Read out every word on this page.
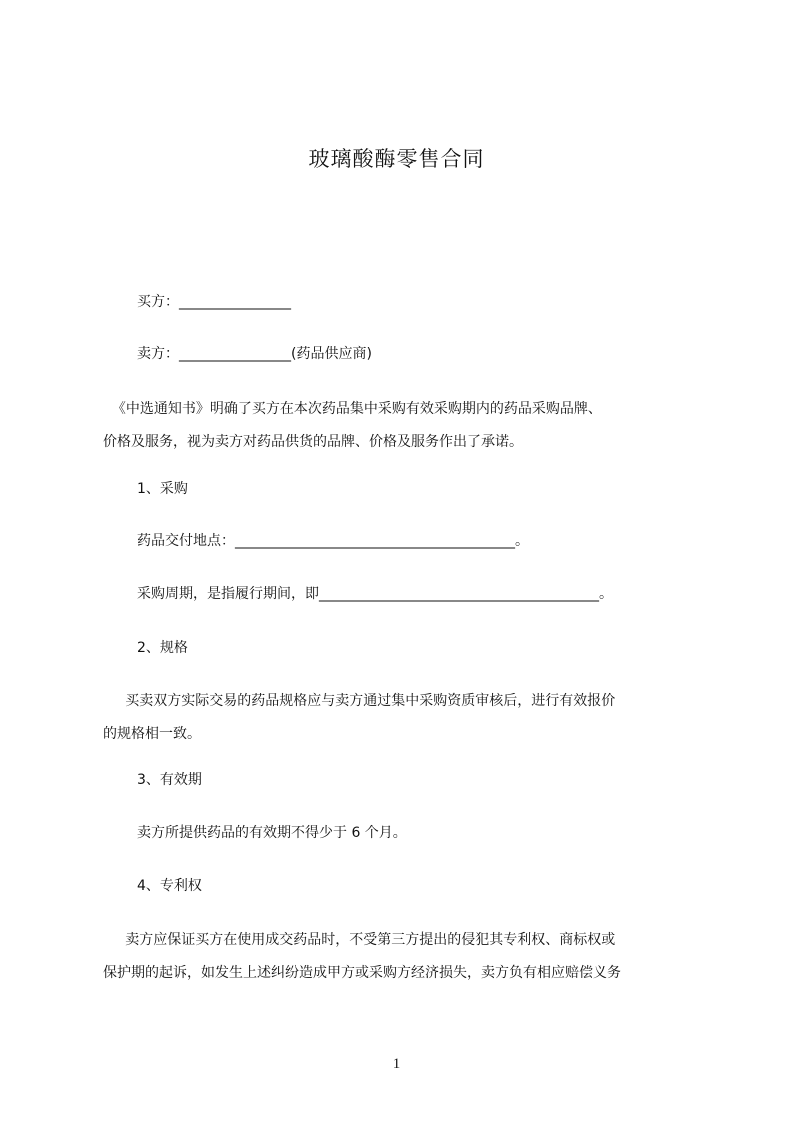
玻璃酸酶零售合同
买方：________________
卖方：________________(药品供应商)
《中选通知书》明确了买方在本次药品集中采购有效采购期内的药品采购品牌、
价格及服务，视为卖方对药品供货的品牌、价格及服务作出了承诺。
1、采购
药品交付地点：________________________________________。
采购周期，是指履行期间，即________________________________________。
2、规格
买卖双方实际交易的药品规格应与卖方通过集中采购资质审核后，进行有效报价
的规格相一致。
3、有效期
卖方所提供药品的有效期不得少于 6 个月。
4、专利权
卖方应保证买方在使用成交药品时，不受第三方提出的侵犯其专利权、商标权或
保护期的起诉，如发生上述纠纷造成甲方或采购方经济损失，卖方负有相应赔偿义务
1
